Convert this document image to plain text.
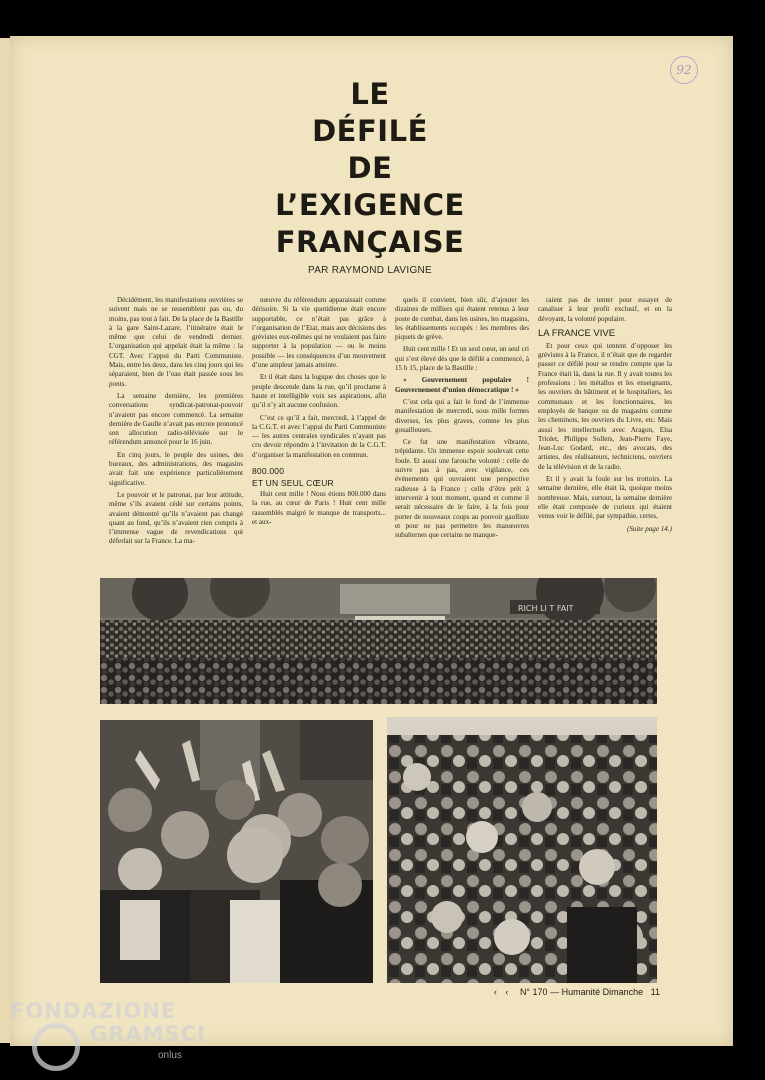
92
LE
DÉFILÉ
DE
L’EXIGENCE
FRANÇAISE
PAR RAYMOND LAVIGNE

Décidément, les manifestations ouvrières se suivent mais ne se ressemblent pas ou, du moins, pas tout à fait. De la place de la Bastille à la gare Saint-Lazare, l’itinéraire était le même que celui de vendredi dernier. L’organisation qui appelait était la même : la CGT. Avec l’appui du Parti Communiste. Mais, entre les deux, dans les cinq jours qui les séparaient, bien de l’eau était passée sous les ponts.

La semaine dernière, les premières conversations syndicat-patronat-pouvoir n’avaient pas encore commencé. La semaine dernière de Gaulle n’avait pas encore prononcé son allocution radio-télévisée sur le référendum annoncé pour le 16 juin.

En cinq jours, le peuple des usines, des bureaux, des administrations, des magasins avait fait une expérience particulièrement significative.

Le pouvoir et le patronat, par leur attitude, même s’ils avaient cédé sur certains points, avaient démontré qu’ils n’avaient pas changé quant au fond, qu’ils n’avaient rien compris à l’immense vague de revendications qui déferlait sur la France. La ma-

nœuvre du référendum apparaissait comme dérisoire. Si la vie quotidienne était encore supportable, ce n’était pas grâce à l’organisation de l’Etat, mais aux décisions des grévistes eux-mêmes qui ne voulaient pas faire supporter à la population — ou le moins possible — les conséquences d’un mouvement d’une ampleur jamais atteinte.

Et il était dans la logique des choses que le peuple descende dans la rue, qu’il proclame à haute et intelligible voix ses aspirations, afin qu’il n’y ait aucune confusion.

C’est ce qu’il a fait, mercredi, à l’appel de la C.G.T. et avec l’appui du Parti Communiste — les autres centrales syndicales n’ayant pas cru devoir répondre à l’invitation de la C.G.T. d’organiser la manifestation en commun.

800.000

ET UN SEUL CŒUR

Huit cent mille ! Nous étions 800.000 dans la rue, au cœur de Paris ! Huit cent mille rassemblés malgré le manque de transports... et aux-

quels il convient, bien sûr, d’ajouter les dizaines de milliers qui étaient retenus à leur poste de combat, dans les usines, les magasins, les établissements occupés : les membres des piquets de grève.

Huit cent mille ! Et un seul cœur, un seul cri qui s’est élevé dès que le défilé a commencé, à 15 h 15, place de la Bastille :

« Gouvernement populaire ! Gouvernement d’union démocratique ! »

C’est cela qui a fait le fond de l’immense manifestation de mercredi, sous mille formes diverses, les plus graves, comme les plus gouailleuses.

Ce fut une manifestation vibrante, trépidante. Un immense espoir soulevait cette foule. Et aussi une farouche volonté : celle de suivre pas à pas, avec vigilance, ces événements qui ouvraient une perspective radieuse à la France ; celle d’être prêt à intervenir à tout moment, quand et comme il serait nécessaire de le faire, à la fois pour porter de nouveaux coups au pouvoir gaulliste et pour ne pas permettre les manœuvres subalternes que certains ne manque-

raient pas de tenter pour essayer de canaliser à leur profit exclusif, et en la dévoyant, la volonté populaire.

LA FRANCE VIVE

Et pour ceux qui tentent d’opposer les grévistes à la France, il n’était que de regarder passer ce défilé pour se rendre compte que la France était là, dans la rue. Il y avait toutes les professions : les métallos et les enseignants, les ouvriers du bâtiment et le hospitaliers, les communaux et les fonctionnaires, les employés de banque ou de magasins comme les cheminots, les ouvriers du Livre, etc. Mais aussi les intellectuels avec Aragon, Elsa Triolet, Philippe Sollers, Jean-Pierre Faye, Jean-Luc Godard, etc., des avocats, des artistes, des réalisateurs, techniciens, ouvriers de la télévision et de la radio.

Et il y avait la foule sur les trottoirs. La semaine dernière, elle était là, quoique moins nombreuse. Mais, surtout, la semaine dernière elle était composée de curieux qui étaient venus voir le défilé, par sympathie, certes,

(Suite page 14.)

RICH LI T FAIT
‹ ‹ N° 170 — Humanité Dimanche 11
FONDAZIONE
GRAMSCI
onlus
